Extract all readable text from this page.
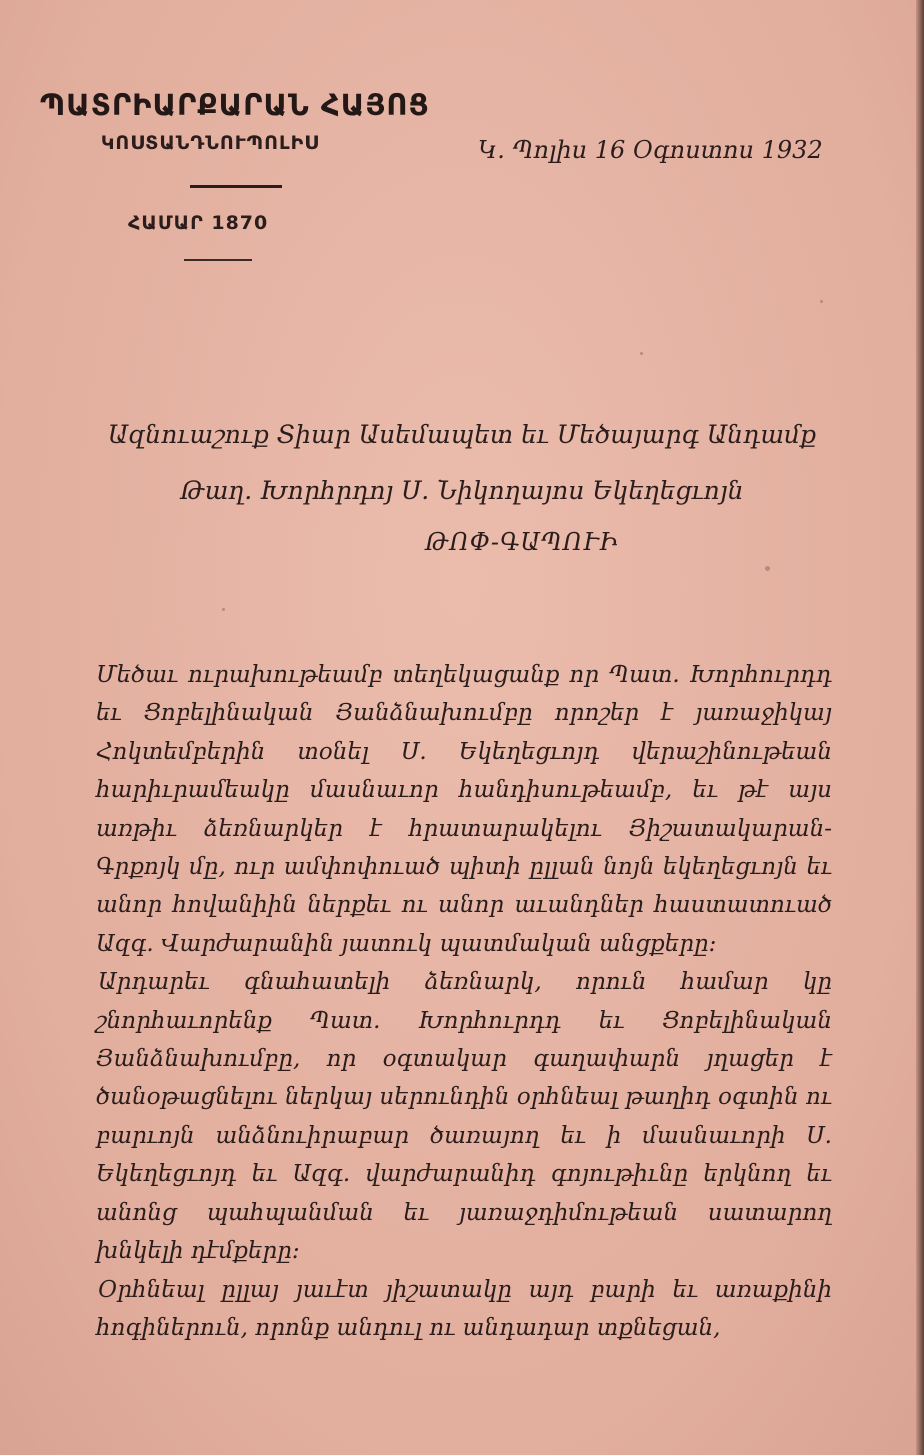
ՊԱՏՐԻԱՐՔԱՐԱՆ ՀԱՅՈՑ
ԿՈՍՏԱՆԴՆՈՒՊՈԼԻՍ
ՀԱՄԱՐ 1870
Կ. Պոլիս 16 Օգոստոս 1932
Ազնուաշուք Տիար Ասեմապետ եւ Մեծայարգ Անդամք
Թաղ. Խորհրդոյ Ս. Նիկողայոս Եկեղեցւոյն
ԹՈՓ-ԳԱՊՈՒԻ

Մեծաւ ուրախութեամբ տեղեկացանք որ Պատ. Խորհուրդդ եւ Ցոբելինական Յանձնախումբը որոշեր է յառաջիկայ Հոկտեմբերին տօնել Ս. Եկեղեցւոյդ վերաշինութեան հարիւրամեակը մասնաւոր հանդիսութեամբ, եւ թէ այս առթիւ ձեռնարկեր է հրատարակելու Յիշատակարան-Գրքոյկ մը, ուր ամփոփուած պիտի ըլլան նոյն եկեղեցւոյն եւ անոր հովանիին ներքեւ ու անոր աւանդներ հաստատուած Ազգ. Վարժարանին յատուկ պատմական անցքերը:

Արդարեւ գնահատելի ձեռնարկ, որուն համար կը շնորհաւորենք Պատ. Խորհուրդդ եւ Ցոբելինական Յանձնախումբը, որ օգտակար գաղափարն յղացեր է ծանօթացնելու ներկայ սերունդին օրհնեալ թաղիդ օգտին ու բարւոյն անձնուիրաբար ծառայող եւ ի մասնաւորի Ս. Եկեղեցւոյդ եւ Ազգ. վարժարանիդ գոյութիւնը երկնող եւ անոնց պահպանման եւ յառաջդիմութեան սատարող խնկելի դէմքերը:

Օրհնեալ ըլլայ յաւէտ յիշատակը այդ բարի եւ առաքինի հոգիներուն, որոնք անդուլ ու անդադար տքնեցան,
